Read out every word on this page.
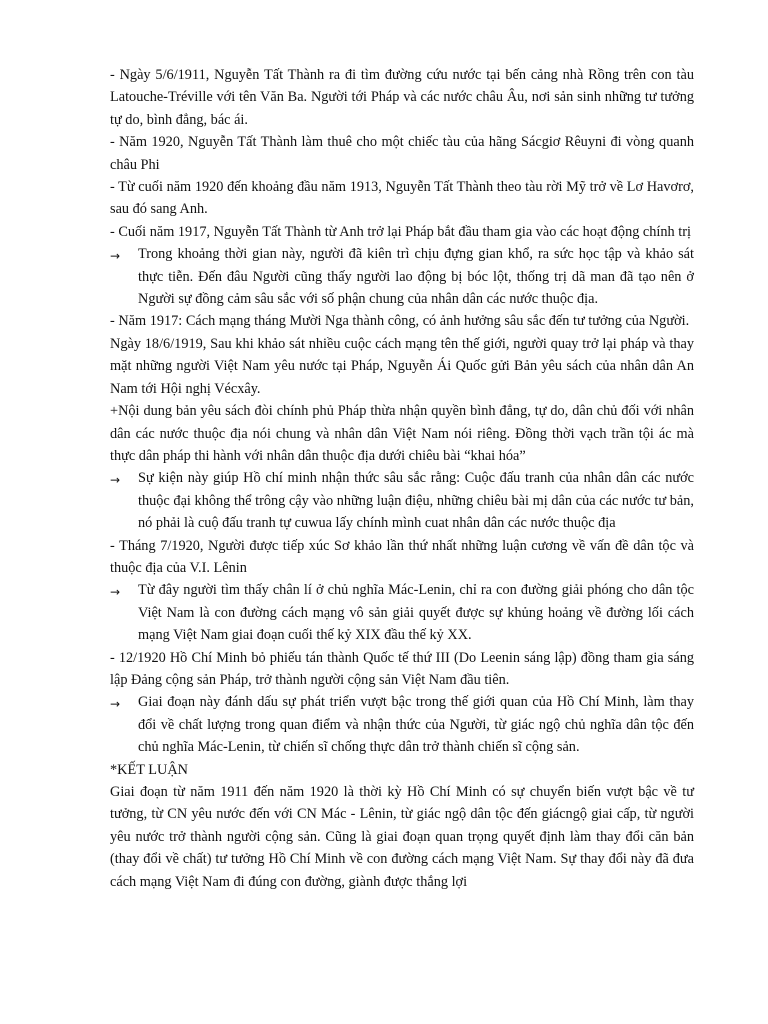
- Ngày 5/6/1911, Nguyễn Tất Thành ra đi tìm đường cứu nước tại bến cảng nhà Rồng trên con tàu Latouche-Tréville với tên Văn Ba. Người tới Pháp và các nước châu Âu, nơi sản sinh những tư tưởng tự do, bình đẳng, bác ái.

- Năm 1920, Nguyễn Tất Thành làm thuê cho một chiếc tàu của hãng Sácgiơ Rêuyni đi vòng quanh châu Phi

- Từ cuối năm 1920 đến khoảng đầu năm 1913, Nguyễn Tất Thành theo tàu rời Mỹ trở về Lơ Havơrơ, sau đó sang Anh.

- Cuối năm 1917, Nguyễn Tất Thành từ Anh trở lại Pháp bắt đầu tham gia vào các hoạt động chính trị

→	Trong khoảng thời gian này, người đã kiên trì chịu đựng gian khổ, ra sức học tập và khảo sát thực tiễn. Đến đâu Người cũng thấy người lao động bị bóc lột, thống trị dã man đã tạo nên ở Người sự đồng cảm sâu sắc với số phận chung của nhân dân các nước thuộc địa.

- Năm 1917: Cách mạng tháng Mười Nga thành công, có ảnh hưởng sâu sắc đến tư tưởng của Người.

Ngày 18/6/1919, Sau khi khảo sát nhiều cuộc cách mạng tên thế giới, người quay trở lại pháp và thay mặt những người Việt Nam yêu nước tại Pháp, Nguyễn Ái Quốc gửi Bản yêu sách của nhân dân An Nam tới Hội nghị Vécxây.

+Nội dung bản yêu sách đòi chính phủ Pháp thừa nhận quyền bình đẳng, tự do, dân chủ đối với nhân dân các nước thuộc địa nói chung và nhân dân Việt Nam nói riêng. Đồng thời vạch trần tội ác mà thực dân pháp thi hành với nhân dân thuộc địa dưới chiêu bài “khai hóa”

→	Sự kiện này giúp Hồ chí minh nhận thức sâu sắc rằng: Cuộc đấu tranh của nhân dân các nước thuộc đại không thể trông cậy vào những luận điệu, những chiêu bài mị dân của các nước tư bản, nó phải là cuộ đấu tranh tự cuwua lấy chính mình cuat nhân dân các nước thuộc địa

- Tháng 7/1920, Người được tiếp xúc Sơ khảo lần thứ nhất những luận cương về vấn đề dân tộc và thuộc địa của V.I. Lênin

→	Từ đây người tìm thấy chân lí ở chủ nghĩa Mác-Lenin, chỉ ra con đường giải phóng cho dân tộc Việt Nam là con đường cách mạng vô sản giải quyết được sự khủng hoảng về đường lối cách mạng Việt Nam giai đoạn cuối thế kỷ XIX đầu thế kỷ XX.

- 12/1920 Hồ Chí Minh bỏ phiếu tán thành Quốc tế thứ III (Do Leenin sáng lập) đồng tham gia sáng lập Đảng cộng sản Pháp, trở thành người cộng sản Việt Nam đầu tiên.

→	Giai đoạn này đánh dấu sự phát triển vượt bậc trong thế giới quan của Hồ Chí Minh, làm thay đổi về chất lượng trong quan điểm và nhận thức của Người, từ giác ngộ chủ nghĩa dân tộc đến chủ nghĩa Mác-Lenin, từ chiến sĩ chống thực dân trở thành chiến sĩ cộng sản.

*KẾT LUẬN

Giai đoạn từ năm 1911 đến năm 1920 là thời kỳ Hồ Chí Minh có sự chuyển biến vượt bậc về tư tưởng, từ CN yêu nước đến với CN Mác - Lênin, từ giác ngộ dân tộc đến giácngộ giai cấp, từ người yêu nước trở thành người cộng sản. Cũng là giai đoạn quan trọng quyết định làm thay đổi căn bản (thay đổi về chất) tư tưởng Hồ Chí Minh về con đường cách mạng Việt Nam. Sự thay đổi này đã đưa cách mạng Việt Nam đi đúng con đường, giành được thắng lợi
